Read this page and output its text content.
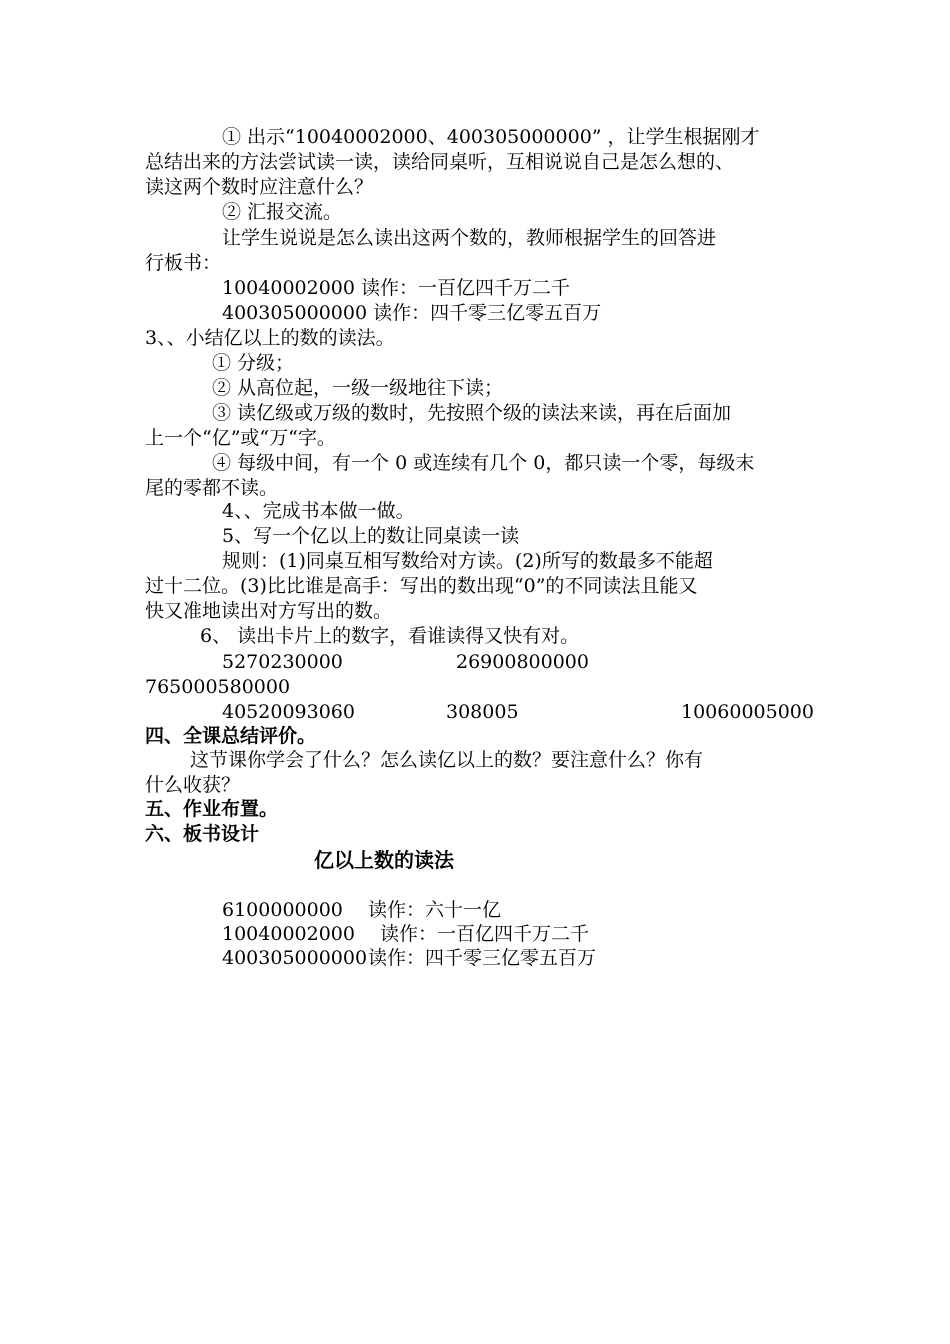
① 出示“10040002000、400305000000” ，让学生根据刚才
总结出来的方法尝试读一读，读给同桌听，互相说说自己是怎么想的、
读这两个数时应注意什么？
② 汇报交流。
让学生说说是怎么读出这两个数的，教师根据学生的回答进
行板书：
10040002000 读作：一百亿四千万二千
400305000000 读作：四千零三亿零五百万
3、、小结亿以上的数的读法。
① 分级；
② 从高位起，一级一级地往下读；
③ 读亿级或万级的数时，先按照个级的读法来读，再在后面加
上一个“亿”或“万“字。
④ 每级中间，有一个 0 或连续有几个 0，都只读一个零，每级末
尾的零都不读。
4、、完成书本做一做。
5、写一个亿以上的数让同桌读一读
规则：(1)同桌互相写数给对方读。(2)所写的数最多不能超
过十二位。(3)比比谁是高手：写出的数出现“0”的不同读法且能又
快又准地读出对方写出的数。
6、 读出卡片上的数字，看谁读得又快有对。
5270230000	26900800000
765000580000
40520093060	308005	10060005000
四、全课总结评价。
这节课你学会了什么？怎么读亿以上的数？要注意什么？你有
什么收获？
五、作业布置。
六、板书设计
亿以上数的读法
6100000000 读作：六十一亿
10040002000 读作：一百亿四千万二千
400305000000 读作：四千零三亿零五百万
